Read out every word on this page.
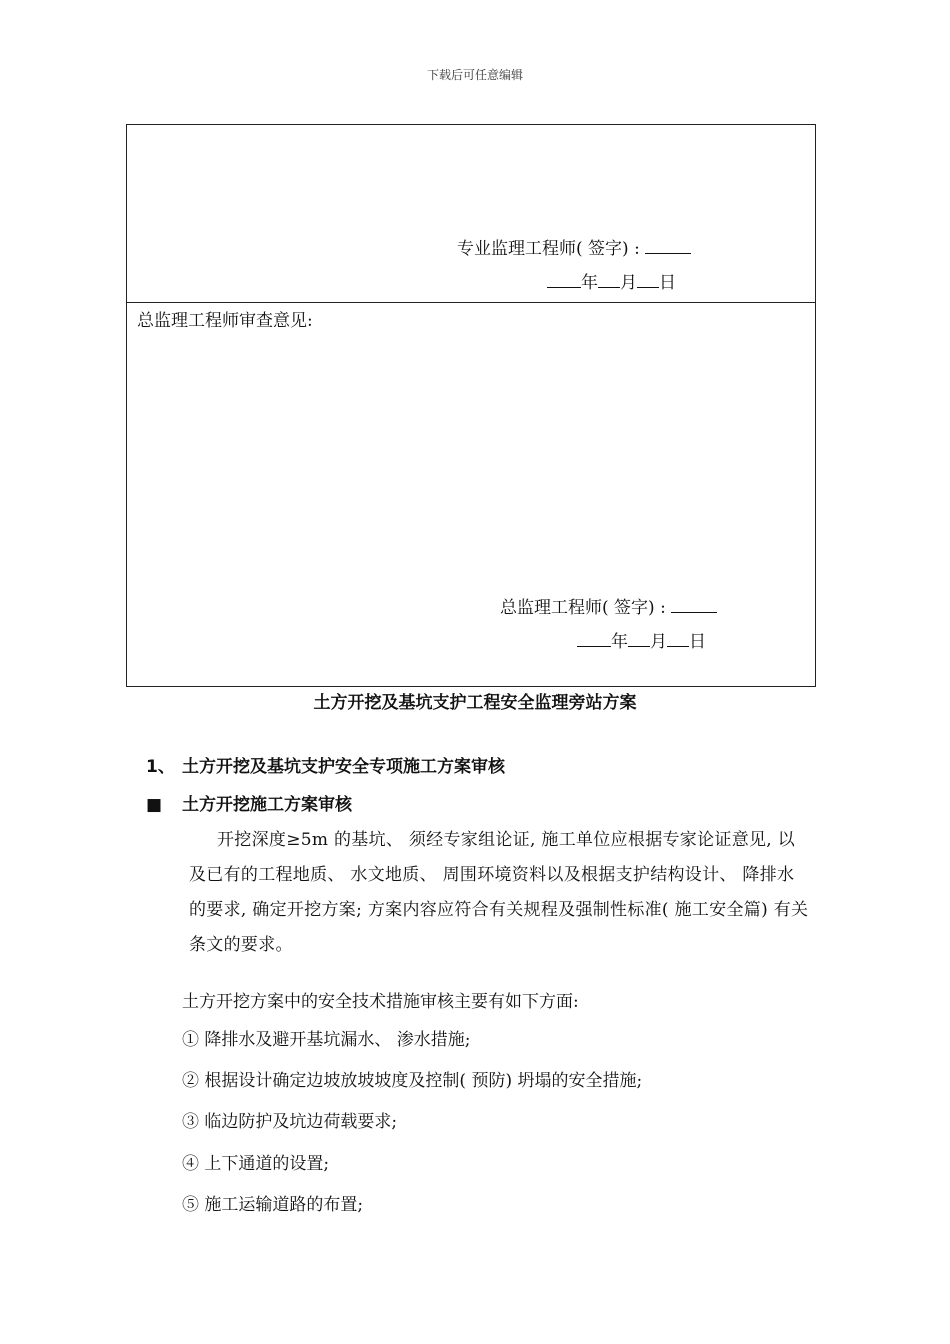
下载后可任意编辑
专业监理工程师( 签字) :
年 月 日
总监理工程师审查意见:
总监理工程师( 签字) :
年 月 日
土方开挖及基坑支护工程安全监理旁站方案
1、 土方开挖及基坑支护安全专项施工方案审核
■ 土方开挖施工方案审核
开挖深度≥5m 的基坑、 须经专家组论证, 施工单位应根据专家论证意见, 以及已有的工程地质、 水文地质、 周围环境资料以及根据支护结构设计、 降排水的要求, 确定开挖方案; 方案内容应符合有关规程及强制性标准( 施工安全篇) 有关条文的要求。
土方开挖方案中的安全技术措施审核主要有如下方面:
① 降排水及避开基坑漏水、 渗水措施;
② 根据设计确定边坡放坡坡度及控制( 预防) 坍塌的安全措施;
③ 临边防护及坑边荷载要求;
④ 上下通道的设置;
⑤ 施工运输道路的布置;
